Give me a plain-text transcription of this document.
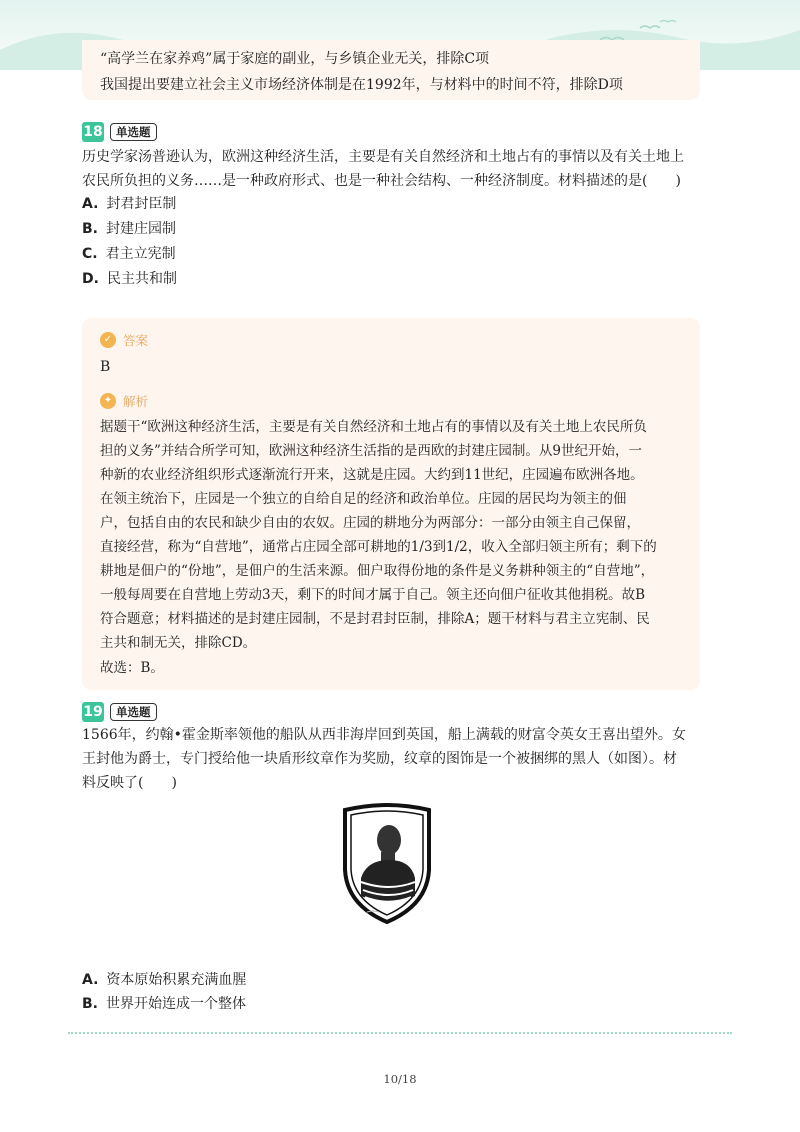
“高学兰在家养鸡”属于家庭的副业，与乡镇企业无关，排除C项
我国提出要建立社会主义市场经济体制是在1992年，与材料中的时间不符，排除D项
18	单选题
历史学家汤普逊认为，欧洲这种经济生活，主要是有关自然经济和土地占有的事情以及有关土地上
农民所负担的义务……是一种政府形式、也是一种社会结构、一种经济制度。材料描述的是(　　)
A. 封君封臣制
B. 封建庄园制
C. 君主立宪制
D. 民主共和制
✓ 答案
B
✦ 解析
据题干“欧洲这种经济生活，主要是有关自然经济和土地占有的事情以及有关土地上农民所负
担的义务”并结合所学可知，欧洲这种经济生活指的是西欧的封建庄园制。从9世纪开始，一
种新的农业经济组织形式逐渐流行开来，这就是庄园。大约到11世纪，庄园遍布欧洲各地。
在领主统治下，庄园是一个独立的自给自足的经济和政治单位。庄园的居民均为领主的佃
户，包括自由的农民和缺少自由的农奴。庄园的耕地分为两部分：一部分由领主自己保留，
直接经营，称为“自营地”，通常占庄园全部可耕地的1/3到1/2，收入全部归领主所有；剩下的
耕地是佃户的“份地”，是佃户的生活来源。佃户取得份地的条件是义务耕种领主的“自营地”，
一般每周要在自营地上劳动3天，剩下的时间才属于自己。领主还向佃户征收其他捐税。故B
符合题意；材料描述的是封建庄园制，不是封君封臣制，排除A；题干材料与君主立宪制、民
主共和制无关，排除CD。
故选：B。
19	单选题
1566年，约翰•霍金斯率领他的船队从西非海岸回到英国，船上满载的财富令英女王喜出望外。女
王封他为爵士，专门授给他一块盾形纹章作为奖励，纹章的图饰是一个被捆绑的黑人（如图）。材
料反映了(　　)
A. 资本原始积累充满血腥
B. 世界开始连成一个整体
10/18
